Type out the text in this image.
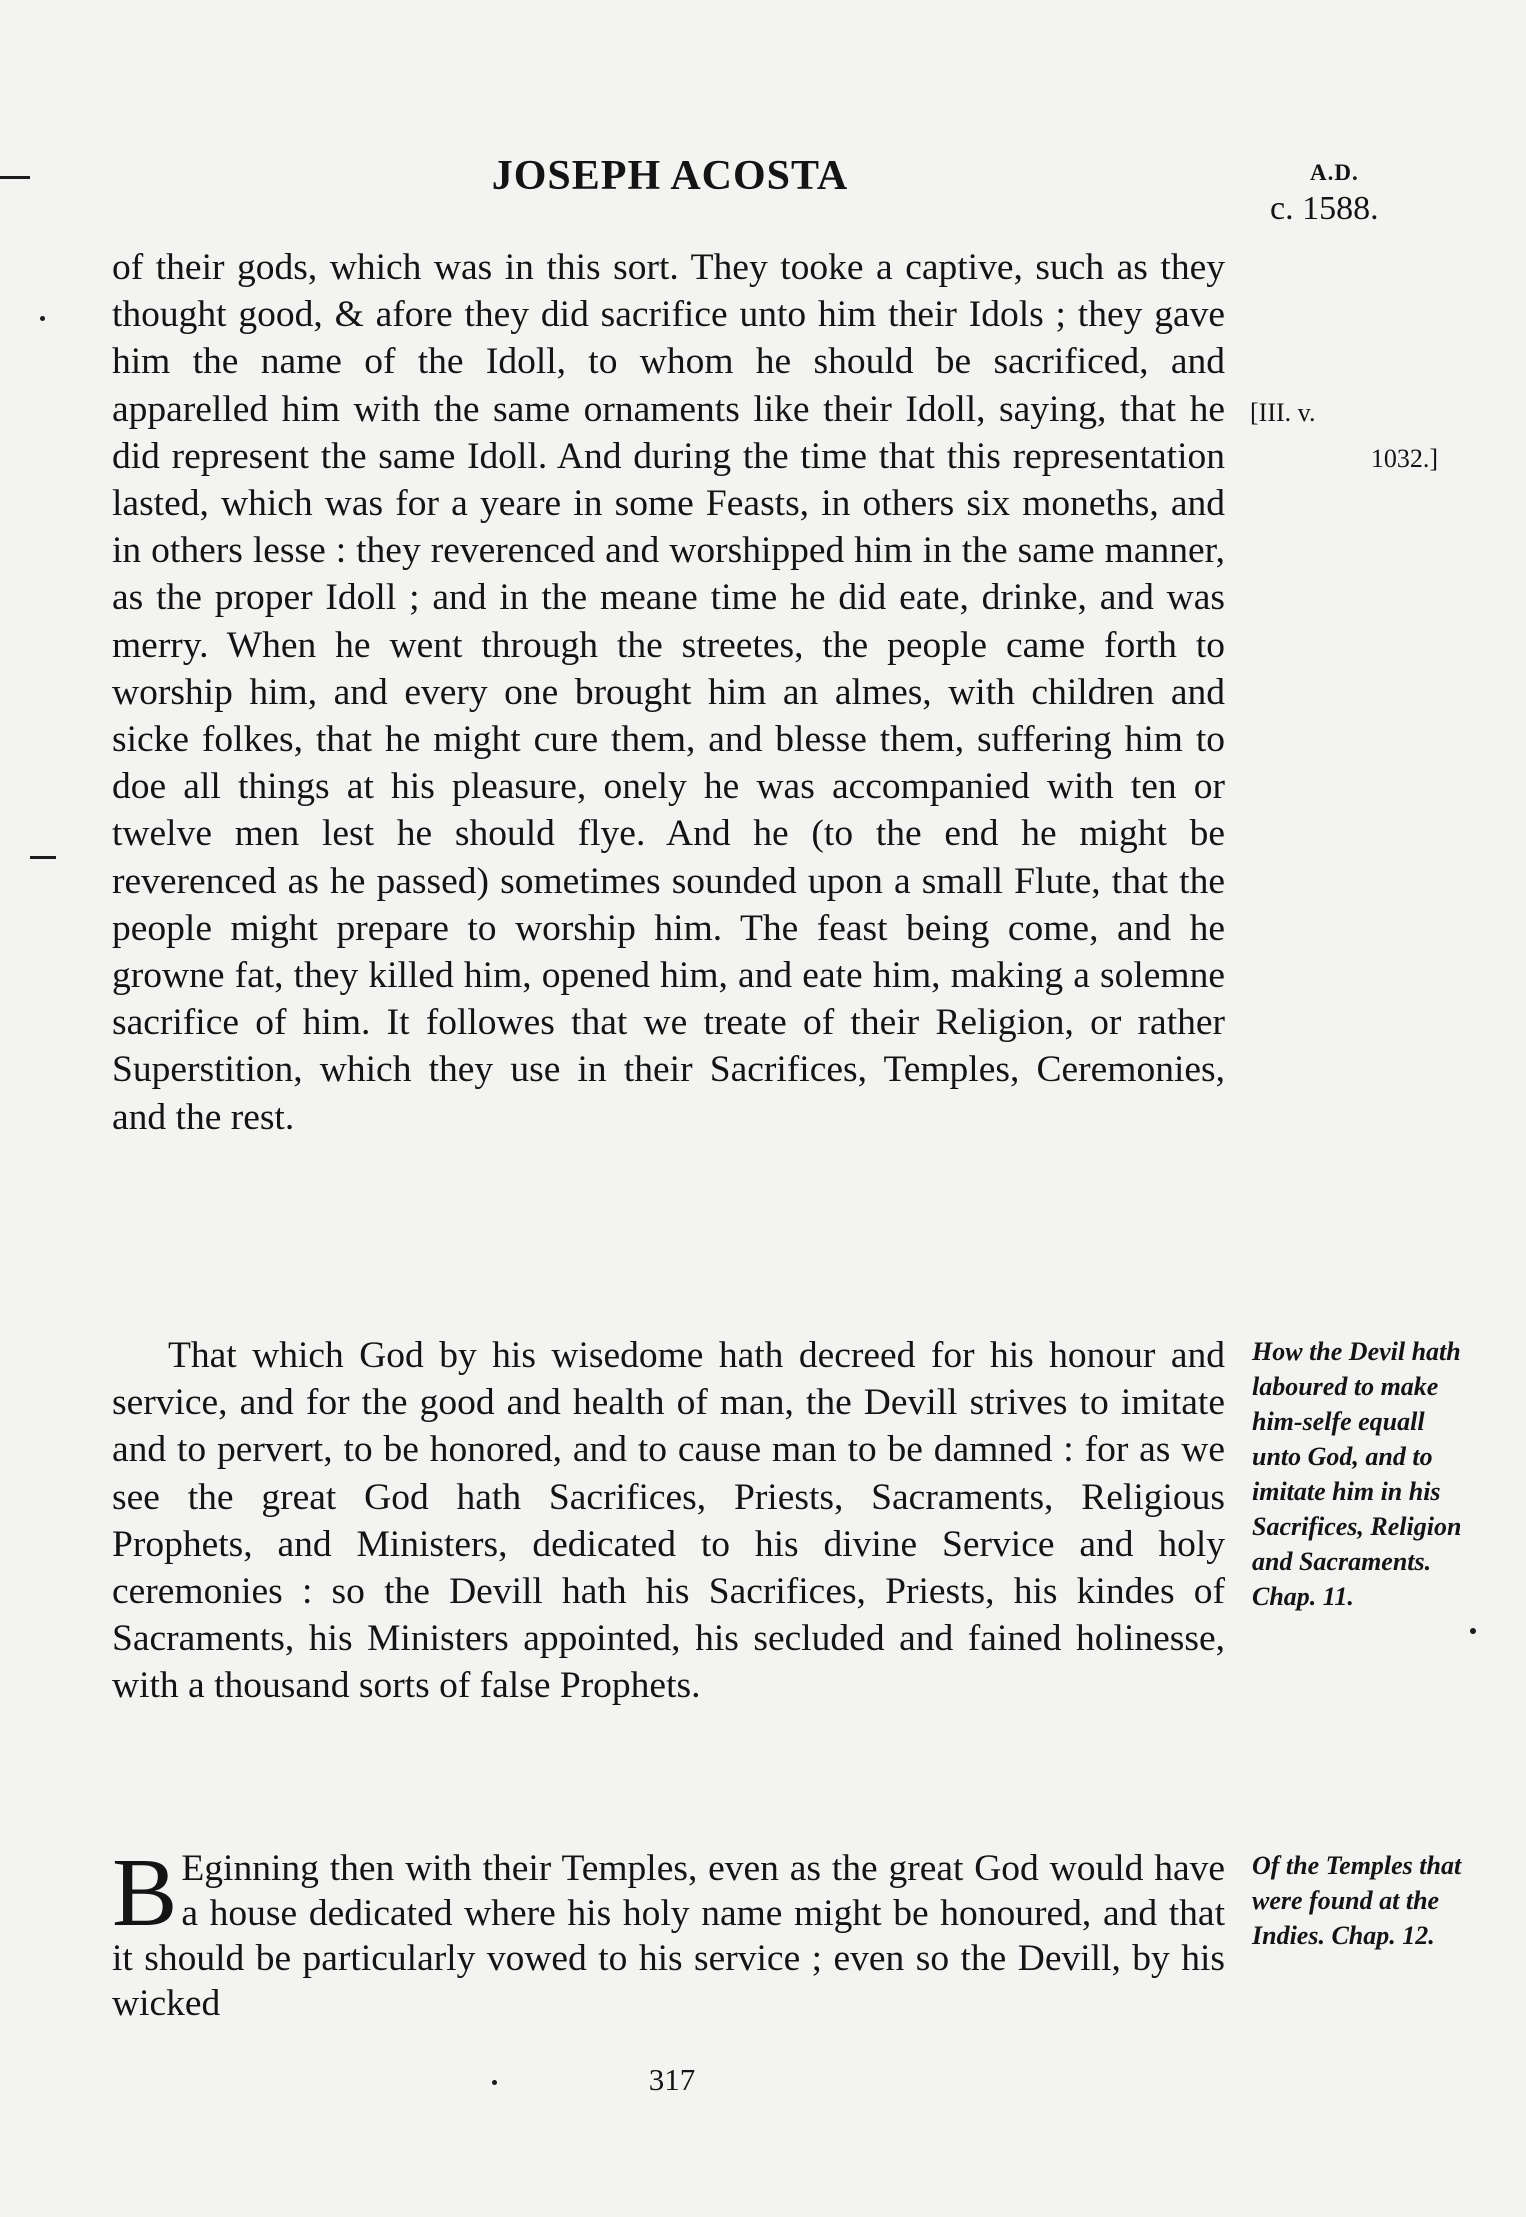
JOSEPH ACOSTA	A.D.
c. 1588.
[III. v.
1032.]
of their gods, which was in this sort. They tooke a captive, such as they thought good, & afore they did sacrifice unto him their Idols ; they gave him the name of the Idoll, to whom he should be sacrificed, and apparelled him with the same ornaments like their Idoll, saying, that he did represent the same Idoll. And during the time that this representation lasted, which was for a yeare in some Feasts, in others six moneths, and in others lesse : they reverenced and worshipped him in the same manner, as the proper Idoll ; and in the meane time he did eate, drinke, and was merry. When he went through the streetes, the people came forth to worship him, and every one brought him an almes, with children and sicke folkes, that he might cure them, and blesse them, suffering him to doe all things at his pleasure, onely he was accompanied with ten or twelve men lest he should flye. And he (to the end he might be reverenced as he passed) sometimes sounded upon a small Flute, that the people might prepare to worship him. The feast being come, and he growne fat, they killed him, opened him, and eate him, making a solemne sacrifice of him. It followes that we treate of their Religion, or rather Superstition, which they use in their Sacrifices, Temples, Ceremonies, and the rest.
That which God by his wisedome hath decreed for his honour and service, and for the good and health of man, the Devill strives to imitate and to pervert, to be honored, and to cause man to be damned : for as we see the great God hath Sacrifices, Priests, Sacraments, Religious Prophets, and Ministers, dedicated to his divine Service and holy ceremonies : so the Devill hath his Sacrifices, Priests, his kindes of Sacraments, his Ministers appointed, his secluded and fained holinesse, with a thousand sorts of false Prophets.
B Eginning then with their Temples, even as the great God would have a house dedicated where his holy name might be honoured, and that it should be particularly vowed to his service ; even so the Devill, by his wicked
How the Devil hath laboured to make him-selfe equall unto God, and to imitate him in his Sacrifices, Religion and Sacraments. Chap. 11.
Of the Temples that were found at the Indies. Chap. 12.
317
